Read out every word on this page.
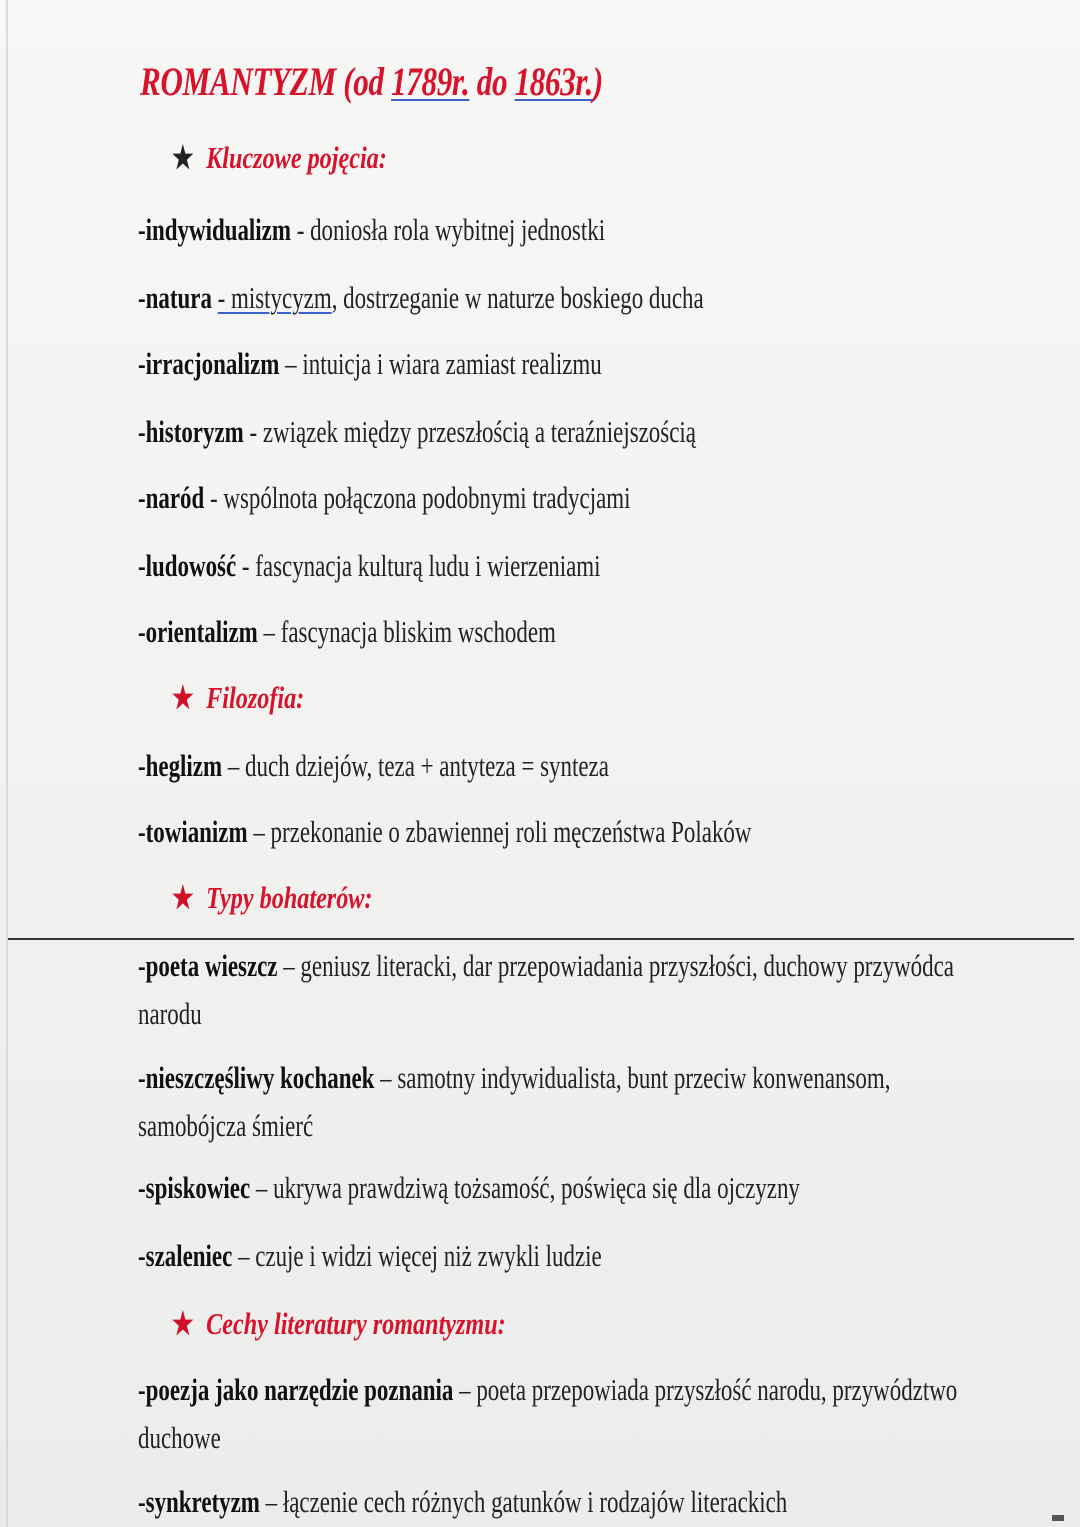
ROMANTYZM (od 1789r. do 1863r.)
★ Kluczowe pojęcia:
-indywidualizm - doniosła rola wybitnej jednostki
-natura - mistycyzm, dostrzeganie w naturze boskiego ducha
-irracjonalizm – intuicja i wiara zamiast realizmu
-historyzm - związek między przeszłością a teraźniejszością
-naród - wspólnota połączona podobnymi tradycjami
-ludowość - fascynacja kulturą ludu i wierzeniami
-orientalizm – fascynacja bliskim wschodem
★ Filozofia:
-heglizm – duch dziejów, teza + antyteza = synteza
-towianizm – przekonanie o zbawiennej roli męczeństwa Polaków
★ Typy bohaterów:
-poeta wieszcz – geniusz literacki, dar przepowiadania przyszłości, duchowy przywódca
narodu
-nieszczęśliwy kochanek – samotny indywidualista, bunt przeciw konwenansom,
samobójcza śmierć
-spiskowiec – ukrywa prawdziwą tożsamość, poświęca się dla ojczyzny
-szaleniec – czuje i widzi więcej niż zwykli ludzie
★ Cechy literatury romantyzmu:
-poezja jako narzędzie poznania – poeta przepowiada przyszłość narodu, przywództwo
duchowe
-synkretyzm – łączenie cech różnych gatunków i rodzajów literackich
